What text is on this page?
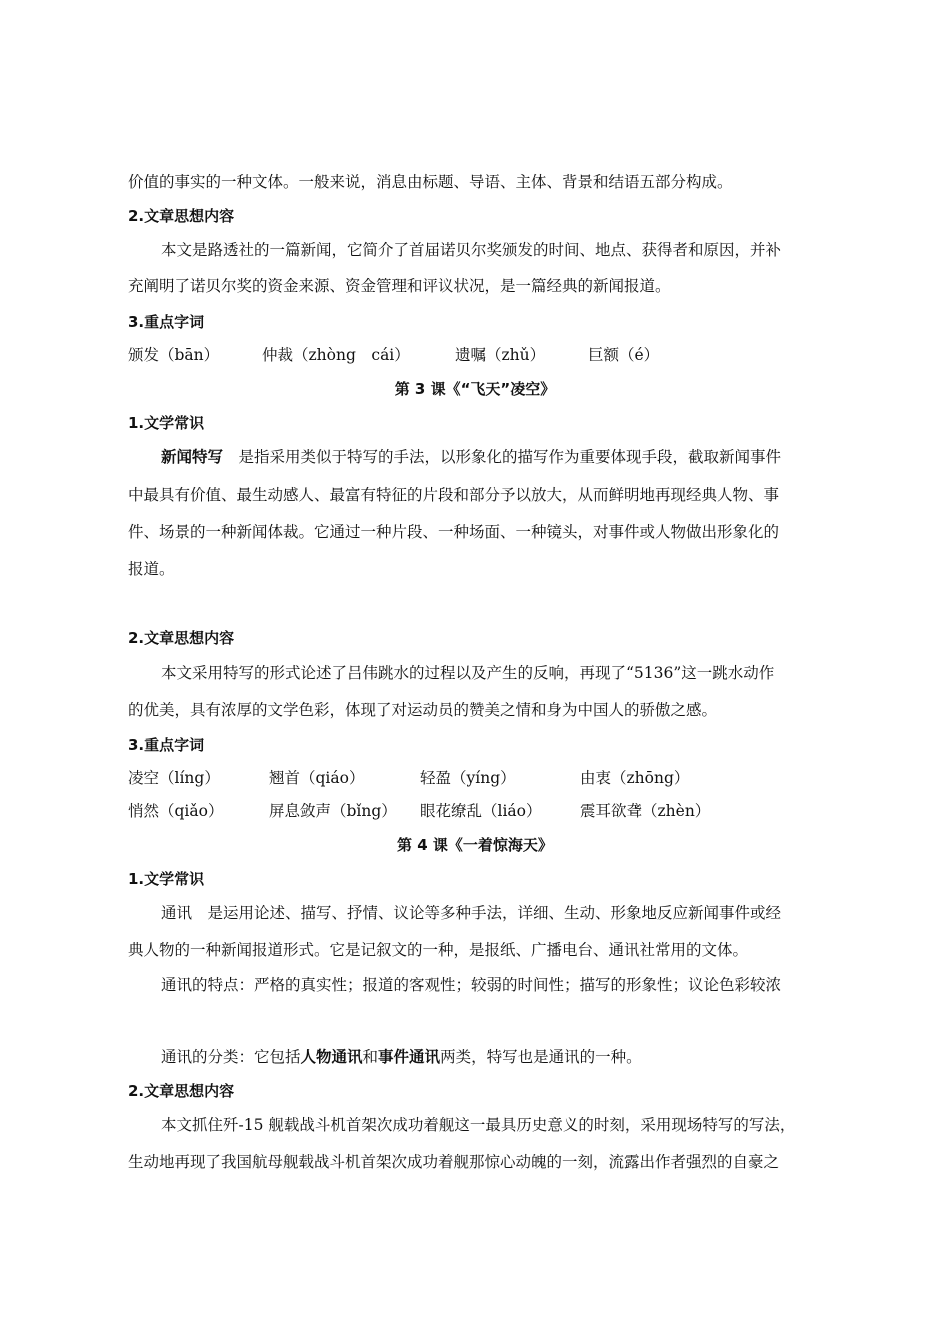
价值的事实的一种文体。一般来说，消息由标题、导语、主体、背景和结语五部分构成。
2.文章思想内容
本文是路透社的一篇新闻，它简介了首届诺贝尔奖颁发的时间、地点、获得者和原因，并补
充阐明了诺贝尔奖的资金来源、资金管理和评议状况，是一篇经典的新闻报道。
3.重点字词
颁发（bān）	仲裁（zhòng　cái）	遗嘱（zhǔ）	巨额（é）
第 3 课《“飞天”凌空》
1.文学常识
新闻特写　是指采用类似于特写的手法，以形象化的描写作为重要体现手段，截取新闻事件
中最具有价值、最生动感人、最富有特征的片段和部分予以放大，从而鲜明地再现经典人物、事
件、场景的一种新闻体裁。它通过一种片段、一种场面、一种镜头，对事件或人物做出形象化的
报道。
2.文章思想内容
本文采用特写的形式论述了吕伟跳水的过程以及产生的反响，再现了“5136”这一跳水动作
的优美，具有浓厚的文学色彩，体现了对运动员的赞美之情和身为中国人的骄傲之感。
3.重点字词
凌空（líng）	翘首（qiáo）	轻盈（yíng）	由衷（zhōng）
悄然（qiǎo）	屏息敛声（bǐng） 眼花缭乱（liáo） 震耳欲聋（zhèn）
第 4 课《一着惊海天》
1.文学常识
通讯　是运用论述、描写、抒情、议论等多种手法，详细、生动、形象地反应新闻事件或经
典人物的一种新闻报道形式。它是记叙文的一种，是报纸、广播电台、通讯社常用的文体。
通讯的特点：严格的真实性；报道的客观性；较弱的时间性；描写的形象性；议论色彩较浓
通讯的分类：它包括人物通讯和事件通讯两类，特写也是通讯的一种。
2.文章思想内容
本文抓住歼-15 舰载战斗机首架次成功着舰这一最具历史意义的时刻，采用现场特写的写法，
生动地再现了我国航母舰载战斗机首架次成功着舰那惊心动魄的一刻，流露出作者强烈的自豪之
